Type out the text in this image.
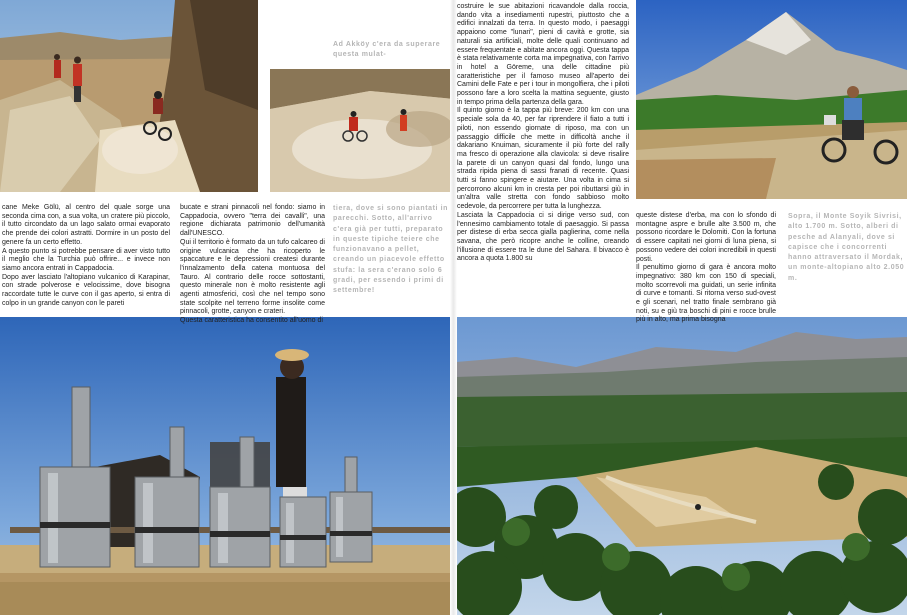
Ad Akköy c'era da superare questa mulat-

cane Meke Gölü, al centro del quale sorge una seconda cima con, a sua volta, un cratere più piccolo, il tutto circondato da un lago salato ormai evaporato che prende dei colori astratti. Dormire in un posto del genere fa un certo effetto.

A questo punto si potrebbe pensare di aver visto tutto il meglio che la Turchia può offrire... e invece non siamo ancora entrati in Cappadocia.

Dopo aver lasciato l'altopiano vulcanico di Karapinar, con strade polverose e velocissime, dove bisogna raccordate tutte le curve con il gas aperto, si entra di colpo in un grande canyon con le pareti

bucate e strani pinnacoli nel fondo: siamo in Cappadocia, ovvero "terra dei cavalli", una regione dichiarata patrimonio dell'umanità dall'UNESCO.

Qui il territorio è formato da un tufo calcareo di origine vulcanica che ha ricoperto le spaccature e le depressioni createsi durante l'innalzamento della catena montuosa del Tauro. Al contrario delle rocce sottostanti, questo minerale non è molto resistente agli agenti atmosferici, così che nel tempo sono state scolpite nel terreno forme insolite come pinnacoli, grotte, canyon e crateri.

Questa caratteristica ha consentito all'uomo di

tiera, dove si sono piantati in parecchi. Sotto, all'arrivo c'era già per tutti, preparato in queste tipiche teiere che funzionavano a pellet, creando un piacevole effetto stufa: la sera c'erano solo 6 gradi, per essendo i primi di settembre!

costruire le sue abitazioni ricavandole dalla roccia, dando vita a insediamenti rupestri, piuttosto che a edifici innalzati da terra. In questo modo, i paesaggi appaiono come "lunari", pieni di cavità e grotte, sia naturali sia artificiali, molte delle quali continuano ad essere frequentate e abitate ancora oggi. Questa tappa è stata relativamente corta ma impegnativa, con l'arrivo in hotel a Göreme, una delle cittadine più caratteristiche per il famoso museo all'aperto dei Camini delle Fate e per i tour in mongolfiera, che i piloti possono fare a loro scelta la mattina seguente, giusto in tempo prima della partenza della gara.

Il quinto giorno è la tappa più breve: 200 km con una speciale sola da 40, per far riprendere il fiato a tutti i piloti, non essendo giornate di riposo, ma con un passaggio difficile che mette in difficoltà anche il dakariano Knuiman, sicuramente il più forte del rally ma fresco di operazione alla clavicola: si deve risalire la parete di un canyon quasi dal fondo, lungo una strada ripida piena di sassi franati di recente. Quasi tutti si fanno spingere e aiutare. Una volta in cima si percorrono alcuni km in cresta per poi ributtarsi giù in un'altra valle stretta con fondo sabbioso molto cedevole, da percorrere per tutta la lunghezza.

Lasciata la Cappadocia ci si dirige verso sud, con l'ennesimo cambiamento totale di paesaggio. Si passa per distese di erba secca gialla paglierina, come nella savana, che però ricopre anche le colline, creando l'illusione di essere tra le dune del Sahara. Il bivacco è ancora a quota 1.800 su

queste distese d'erba, ma con lo sfondo di montagne aspre e brulle alte 3.500 m, che possono ricordare le Dolomiti. Con la fortuna di essere capitati nei giorni di luna piena, si possono vedere dei colori incredibili in questi posti.

Il penultimo giorno di gara è ancora molto impegnativo: 380 km con 150 di speciali, molto scorrevoli ma guidati, un serie infinita di curve e tornanti. Si ritorna verso sud-ovest e gli scenari, nel tratto finale sembrano già noti, su e giù tra boschi di pini e rocce brulle più in alto, ma prima bisogna

Sopra, il Monte Soyik Sivrisi, alto 1.700 m. Sotto, alberi di pesche ad Alanyali, dove si capisce che i concorrenti hanno attraversato il Mordak, un monte-altopiano alto 2.050 m.
